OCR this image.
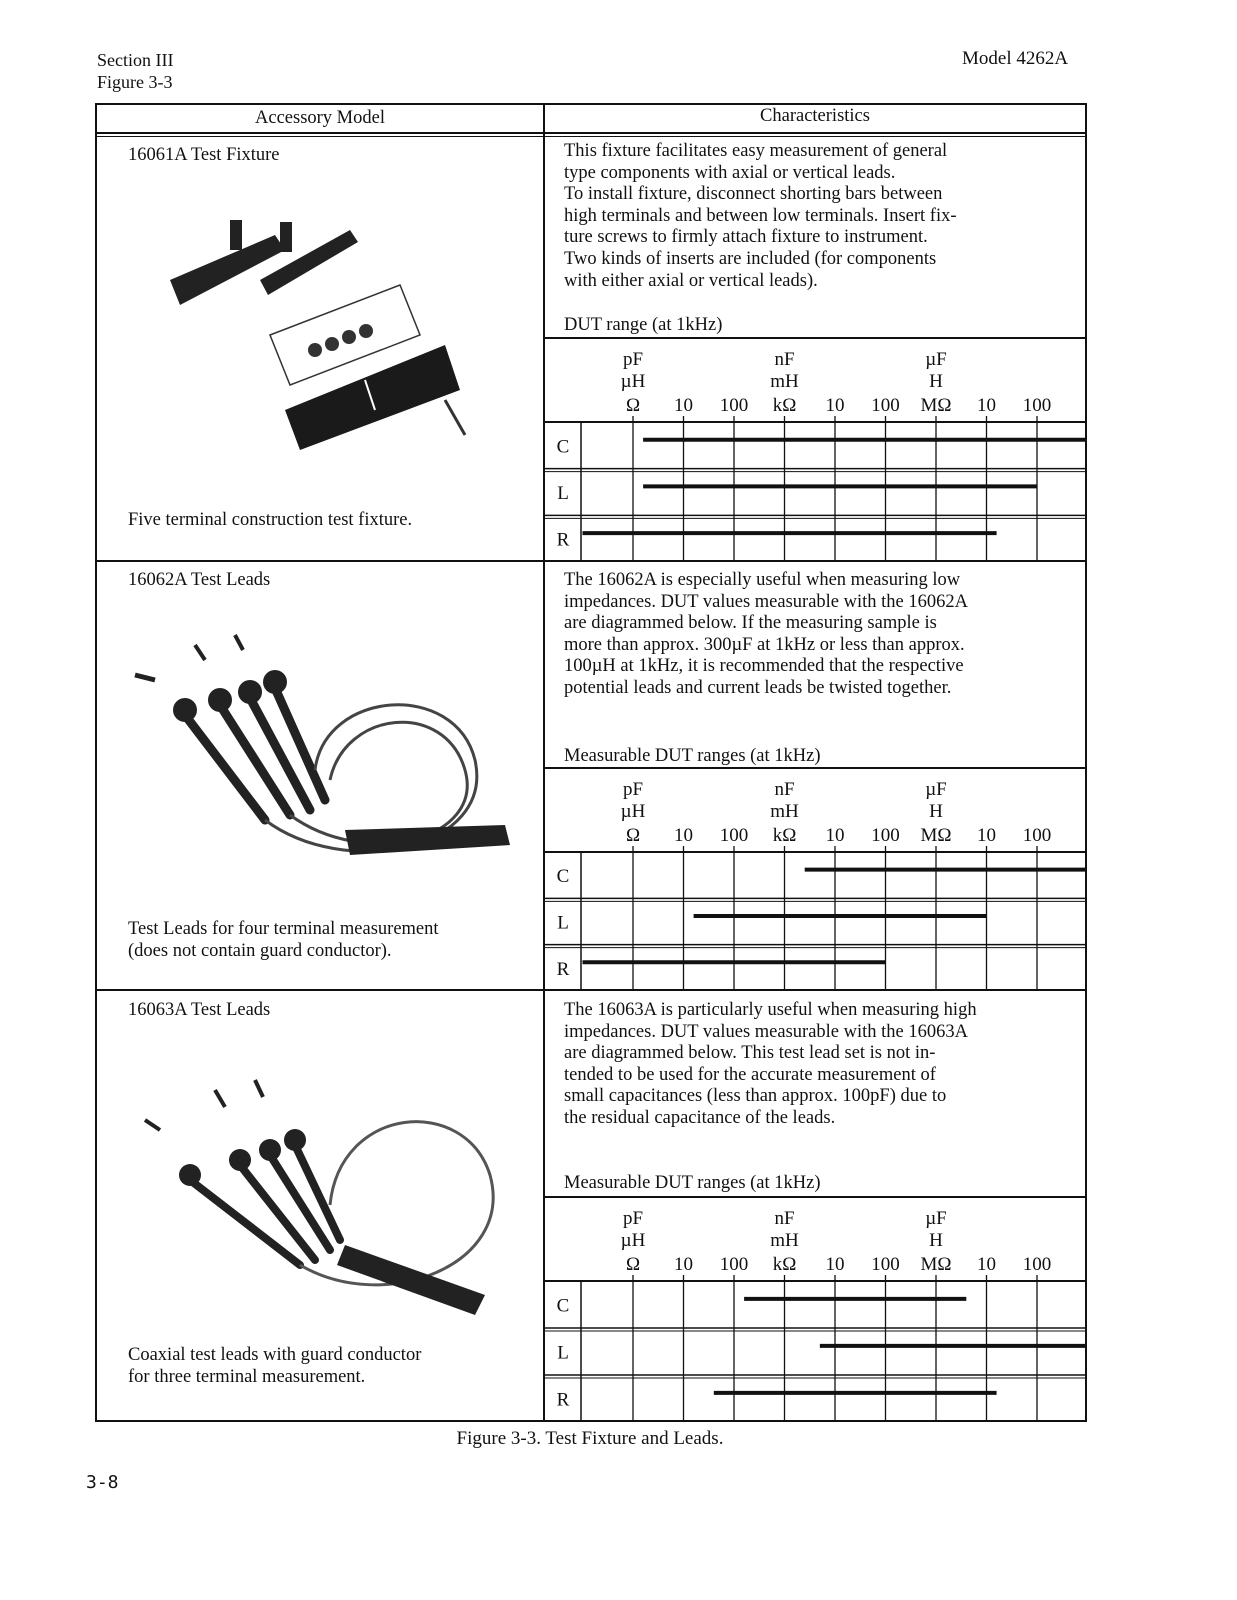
Section III
Figure 3-3
Model 4262A
Accessory Model	Characteristics
16061A Test Fixture
Five terminal construction test fixture.
This fixture facilitates easy measurement of general
type components with axial or vertical leads.
To install fixture, disconnect shorting bars between
high terminals and between low terminals. Insert fix-
ture screws to firmly attach fixture to instrument.
Two kinds of inserts are included (for components
with either axial or vertical leads).
DUT range (at 1kHz)
pF
µH
nF
mH
µF
H
Ω 10 100 kΩ 10 100 MΩ 10 100
C
L
R
16062A Test Leads
Test Leads for four terminal measurement
(does not contain guard conductor).
The 16062A is especially useful when measuring low
impedances. DUT values measurable with the 16062A
are diagrammed below. If the measuring sample is
more than approx. 300µF at 1kHz or less than approx.
100µH at 1kHz, it is recommended that the respective
potential leads and current leads be twisted together.
Measurable DUT ranges (at 1kHz)
pF
µH
nF
mH
µF
H
Ω 10 100 kΩ 10 100 MΩ 10 100
C
L
R
16063A Test Leads
Coaxial test leads with guard conductor
for three terminal measurement.
The 16063A is particularly useful when measuring high
impedances. DUT values measurable with the 16063A
are diagrammed below. This test lead set is not in-
tended to be used for the accurate measurement of
small capacitances (less than approx. 100pF) due to
the residual capacitance of the leads.
Measurable DUT ranges (at 1kHz)
pF
µH
nF
mH
µF
H
Ω 10 100 kΩ 10 100 MΩ 10 100
C
L
R
Figure 3-3. Test Fixture and Leads.
3-8
